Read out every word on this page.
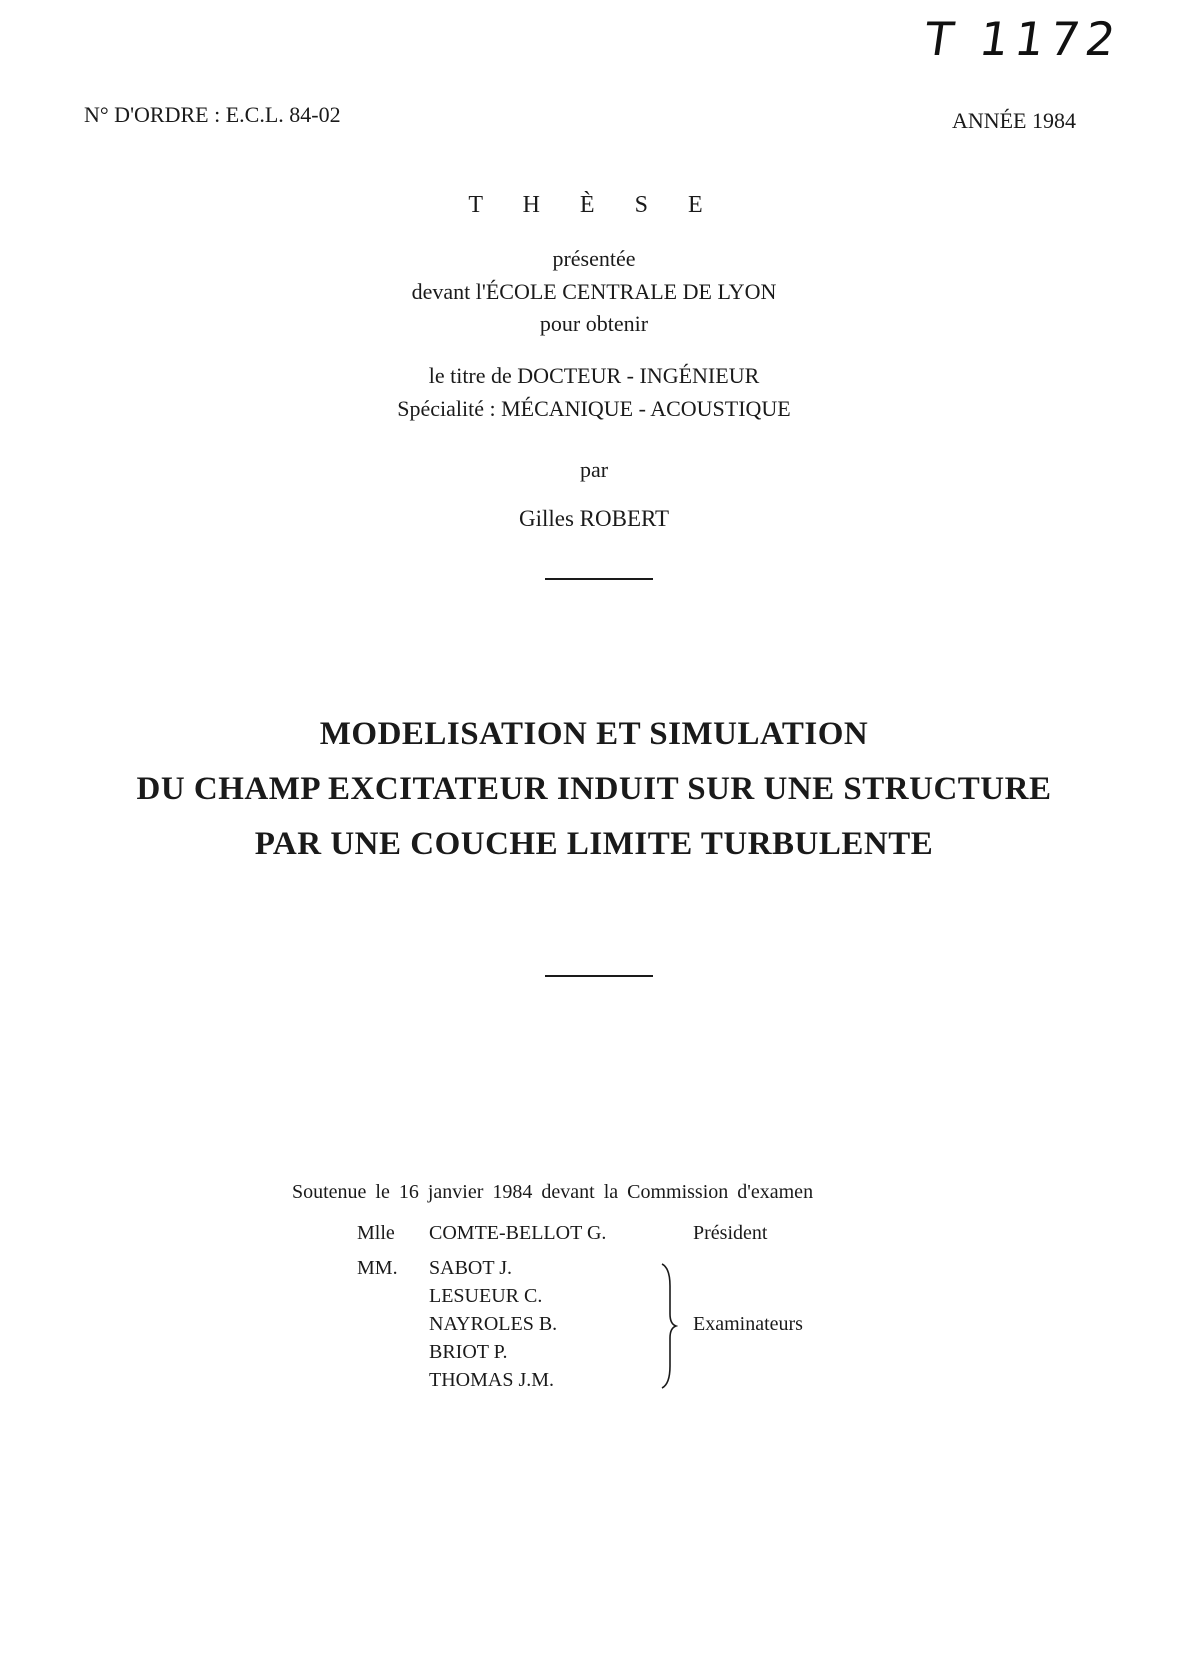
T 1172
N° D'ORDRE : E.C.L. 84-02	ANNÉE 1984
T H È S E
présentée
devant l'ÉCOLE CENTRALE DE LYON
pour obtenir
le titre de DOCTEUR - INGÉNIEUR
Spécialité : MÉCANIQUE - ACOUSTIQUE
par
Gilles ROBERT
MODELISATION ET SIMULATION
DU CHAMP EXCITATEUR INDUIT SUR UNE STRUCTURE
PAR UNE COUCHE LIMITE TURBULENTE
Soutenue le 16 janvier 1984 devant la Commission d'examen
Mlle COMTE-BELLOT G.	Président
MM. SABOT J.
LESUEUR C.
NAYROLES B.
BRIOT P.
THOMAS J.M.
Examinateurs
